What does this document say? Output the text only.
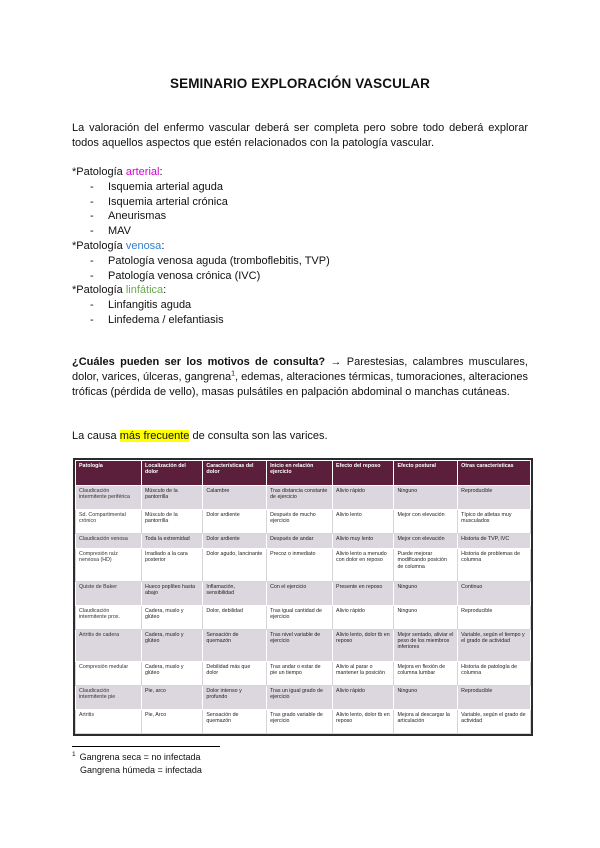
SEMINARIO EXPLORACIÓN VASCULAR
La valoración del enfermo vascular deberá ser completa pero sobre todo deberá explorar todos aquellos aspectos que estén relacionados con la patología vascular.
*Patología arterial:
- Isquemia arterial aguda
- Isquemia arterial crónica
- Aneurismas
- MAV
*Patología venosa:
- Patología venosa aguda (tromboflebitis, TVP)
- Patología venosa crónica (IVC)
*Patología linfática:
- Linfangitis aguda
- Linfedema / elefantiasis
¿Cuáles pueden ser los motivos de consulta? → Parestesias, calambres musculares, dolor, varices, úlceras, gangrena$^1$, edemas, alteraciones térmicas, tumoraciones, alteraciones tróficas (pérdida de vello), masas pulsátiles en palpación abdominal o manchas cutáneas.
La causa más frecuente de consulta son las varices.
Patología	Localización del dolor	Características del dolor	Inicio en relación ejercicio	Efecto del reposo	Efecto postural	Otras características
Claudicación intermitente periférica	Músculo de la pantorrilla	Calambre	Tras distancia constante de ejercicio	Alivio rápido	Ninguno	Reproducible
Sd. Compartimental crónico	Músculo de la pantorrilla	Dolor ardiente	Después de mucho ejercicio	Alivio lento	Mejor con elevación	Típico de atletas muy musculados
Claudicación venosa	Toda la extremidad	Dolor ardiente	Después de andar	Alivio muy lento	Mejor con elevación	Historia de TVP, IVC
Compresión raíz nerviosa (HD)	Irradiado a la cara posterior	Dolor agudo, lancinante	Precoz o inmediato	Alivio lento a menudo con dolor en reposo	Puede mejorar modificando posición de columna	Historia de problemas de columna
Quiste de Baker	Hueco poplíteo hasta abajo	Inflamación, sensibilidad	Con el ejercicio	Presente en reposo	Ninguno	Continuo
Claudicación intermitente prox.	Cadera, muslo y glúteo	Dolor, debilidad	Tras igual cantidad de ejercicio	Alivio rápido	Ninguno	Reproducible
Artritis de cadera	Cadera, muslo y glúteo	Sensación de quemazón	Tras nivel variable de ejercicio	Alivio lento, dolor tb en reposo	Mejor sentado, aliviar el peso de los miembros inferiores	Variable, según el tiempo y el grado de actividad
Compresión medular	Cadera, muslo y glúteo	Debilidad más que dolor	Tras andar o estar de pie un tiempo	Alivio al parar o mantener la posición	Mejora en flexión de columna lumbar	Historia de patología de columna
Claudicación intermitente pie	Pie, arco	Dolor intenso y profundo	Tras un igual grado de ejercicio	Alivio rápido	Ninguno	Reproducible
Artritis	Pie, Arco	Sensación de quemazón	Tras grado variable de ejercicio	Alivio lento, dolor tb en reposo	Mejora al descargar la articulación	Variable, según el grado de actividad
$^1$ Gangrena seca = no infectada
Gangrena húmeda = infectada
